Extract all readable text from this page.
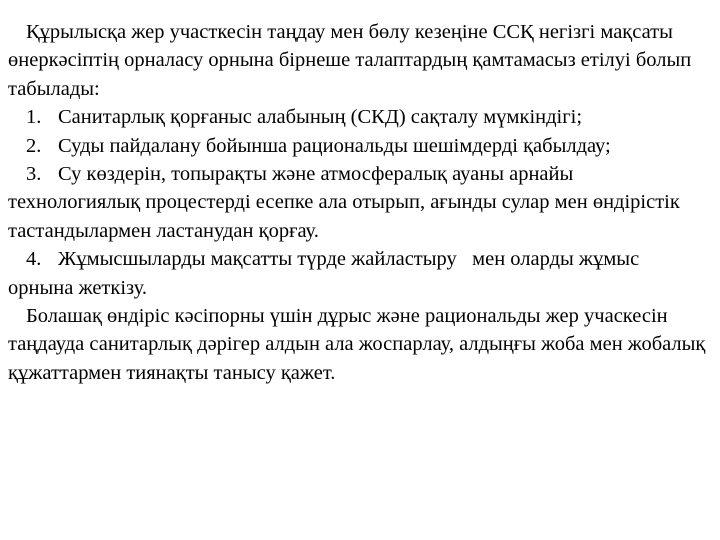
Құрылысқа жер участкесін таңдау мен бөлу кезеңіне ССҚ негізгі мақсаты өнеркәсіптің орналасу орнына бірнеше талаптардың қамтамасыз етілуі болып табылады:

1. Санитарлық қорғаныс алабының (СКД) сақталу мүмкіндігі;
2. Суды пайдалану бойынша рациональды шешімдерді қабылдау;
3. Су көздерін, топырақты және атмосфералық ауаны арнайы технологиялық процестерді есепке ала отырып, ағынды сулар мен өндірістік тастандылармен ластанудан қорғау.
4. Жұмысшыларды мақсатты түрде жайластыру   мен оларды жұмыс орнына жеткізу.

Болашақ өндіріс кәсіпорны үшін дұрыс және рациональды жер учаскесін таңдауда санитарлық дәрігер алдын ала жоспарлау, алдыңғы жоба мен жобалық құжаттармен тиянақты танысу қажет.
